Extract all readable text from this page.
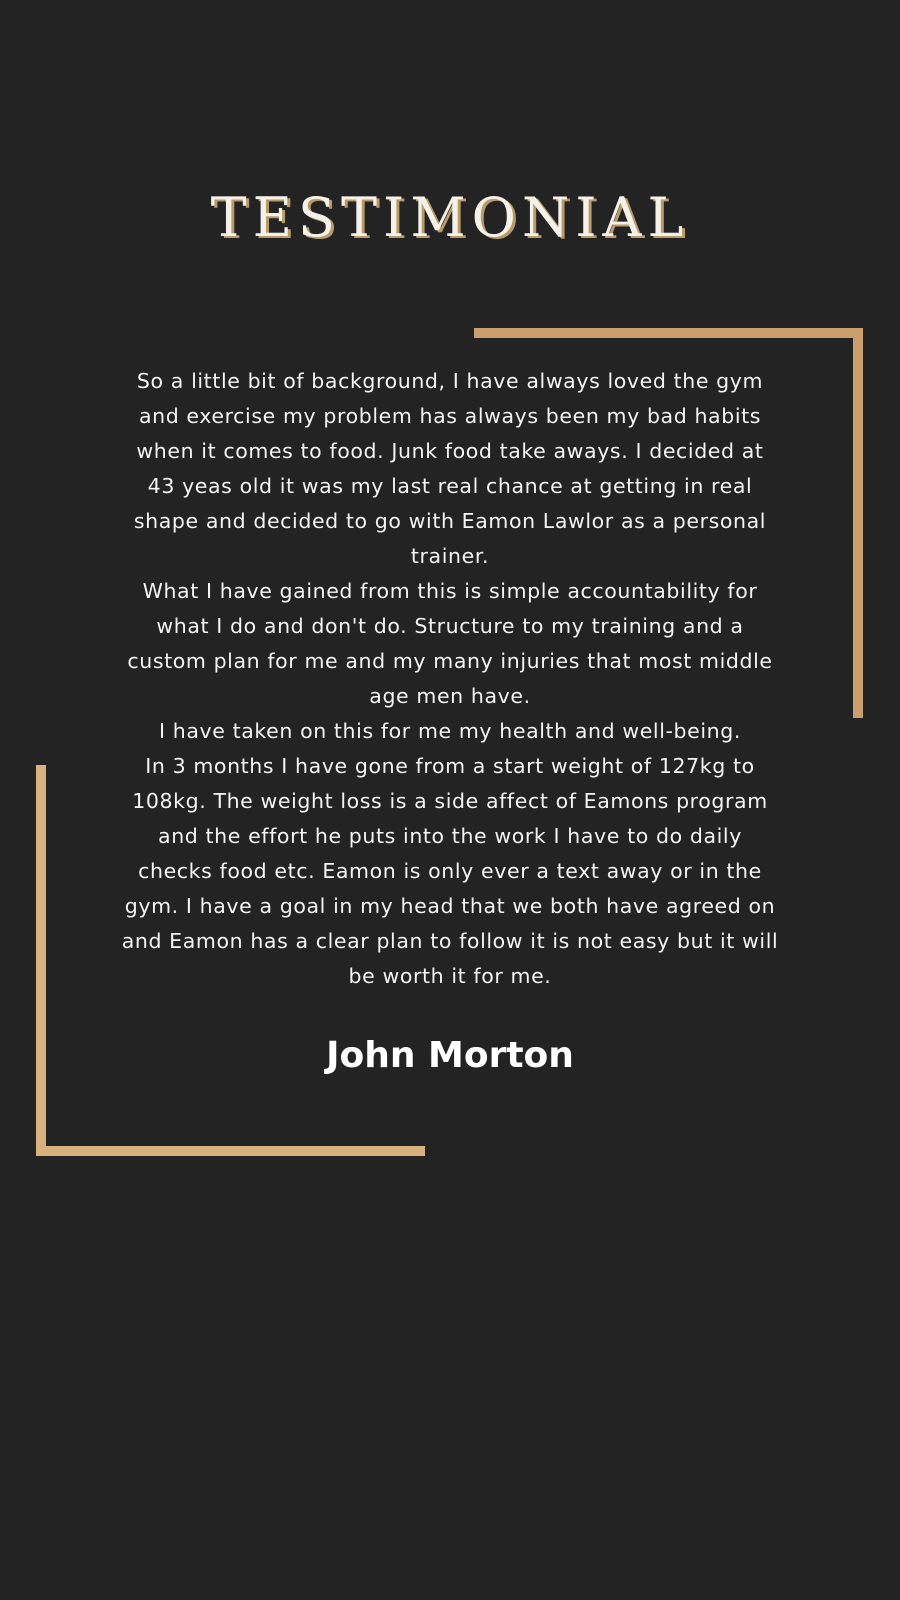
TESTIMONIAL

So a little bit of background, I have always loved the gym and exercise my problem has always been my bad habits when it comes to food. Junk food take aways. I decided at 43 yeas old it was my last real chance at getting in real shape and decided to go with Eamon Lawlor as a personal trainer.

What I have gained from this is simple accountability for what I do and don't do. Structure to my training and a custom plan for me and my many injuries that most middle age men have.

I have taken on this for me my health and well-being.

In 3 months I have gone from a start weight of 127kg to 108kg. The weight loss is a side affect of Eamons program and the effort he puts into the work I have to do daily checks food etc. Eamon is only ever a text away or in the gym. I have a goal in my head that we both have agreed on and Eamon has a clear plan to follow it is not easy but it will be worth it for me.

John Morton
